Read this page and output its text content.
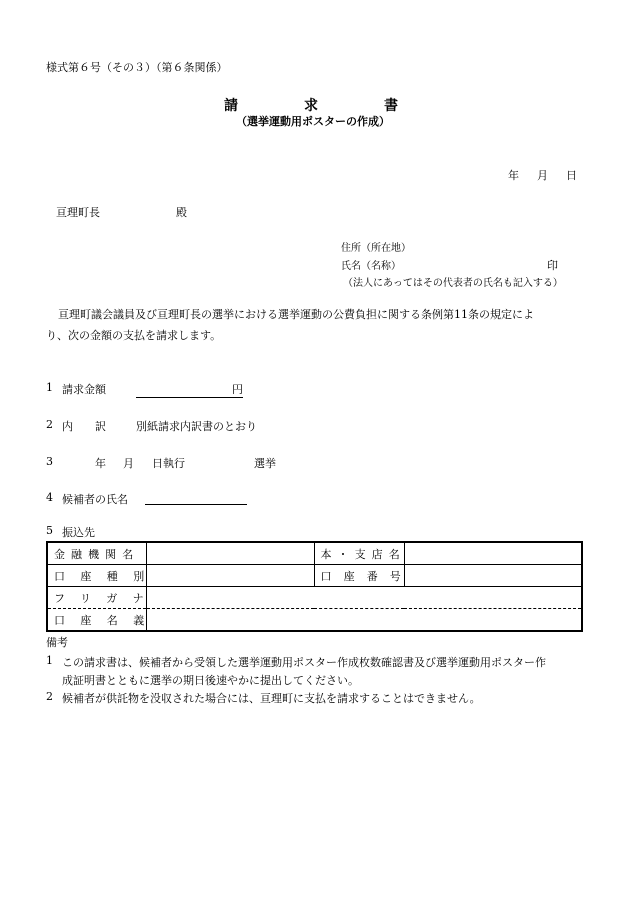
様式第６号（その３）（第６条関係）
請	求	書
（選挙運動用ポスターの作成）
年 月 日
亘理町長	殿
住所（所在地）
氏名（名称）	印
（法人にあってはその代表者の氏名も記入する）
亘理町議会議員及び亘理町長の選挙における選挙運動の公費負担に関する条例第11条の規定によ
り、次の金額の支払を請求します。
1 請求金額	円
2 内　　訳	別紙請求内訳書のとおり
3	年 月 日執行	選挙
4 候補者の氏名
5 振込先
金融機関名		本・支店名	
口座種別		口座番号	
フリガナ			
口座名義			
備考
1 この請求書は、候補者から受領した選挙運動用ポスター作成枚数確認書及び選挙運動用ポスター作
成証明書とともに選挙の期日後速やかに提出してください。
2 候補者が供託物を没収された場合には、亘理町に支払を請求することはできません。
